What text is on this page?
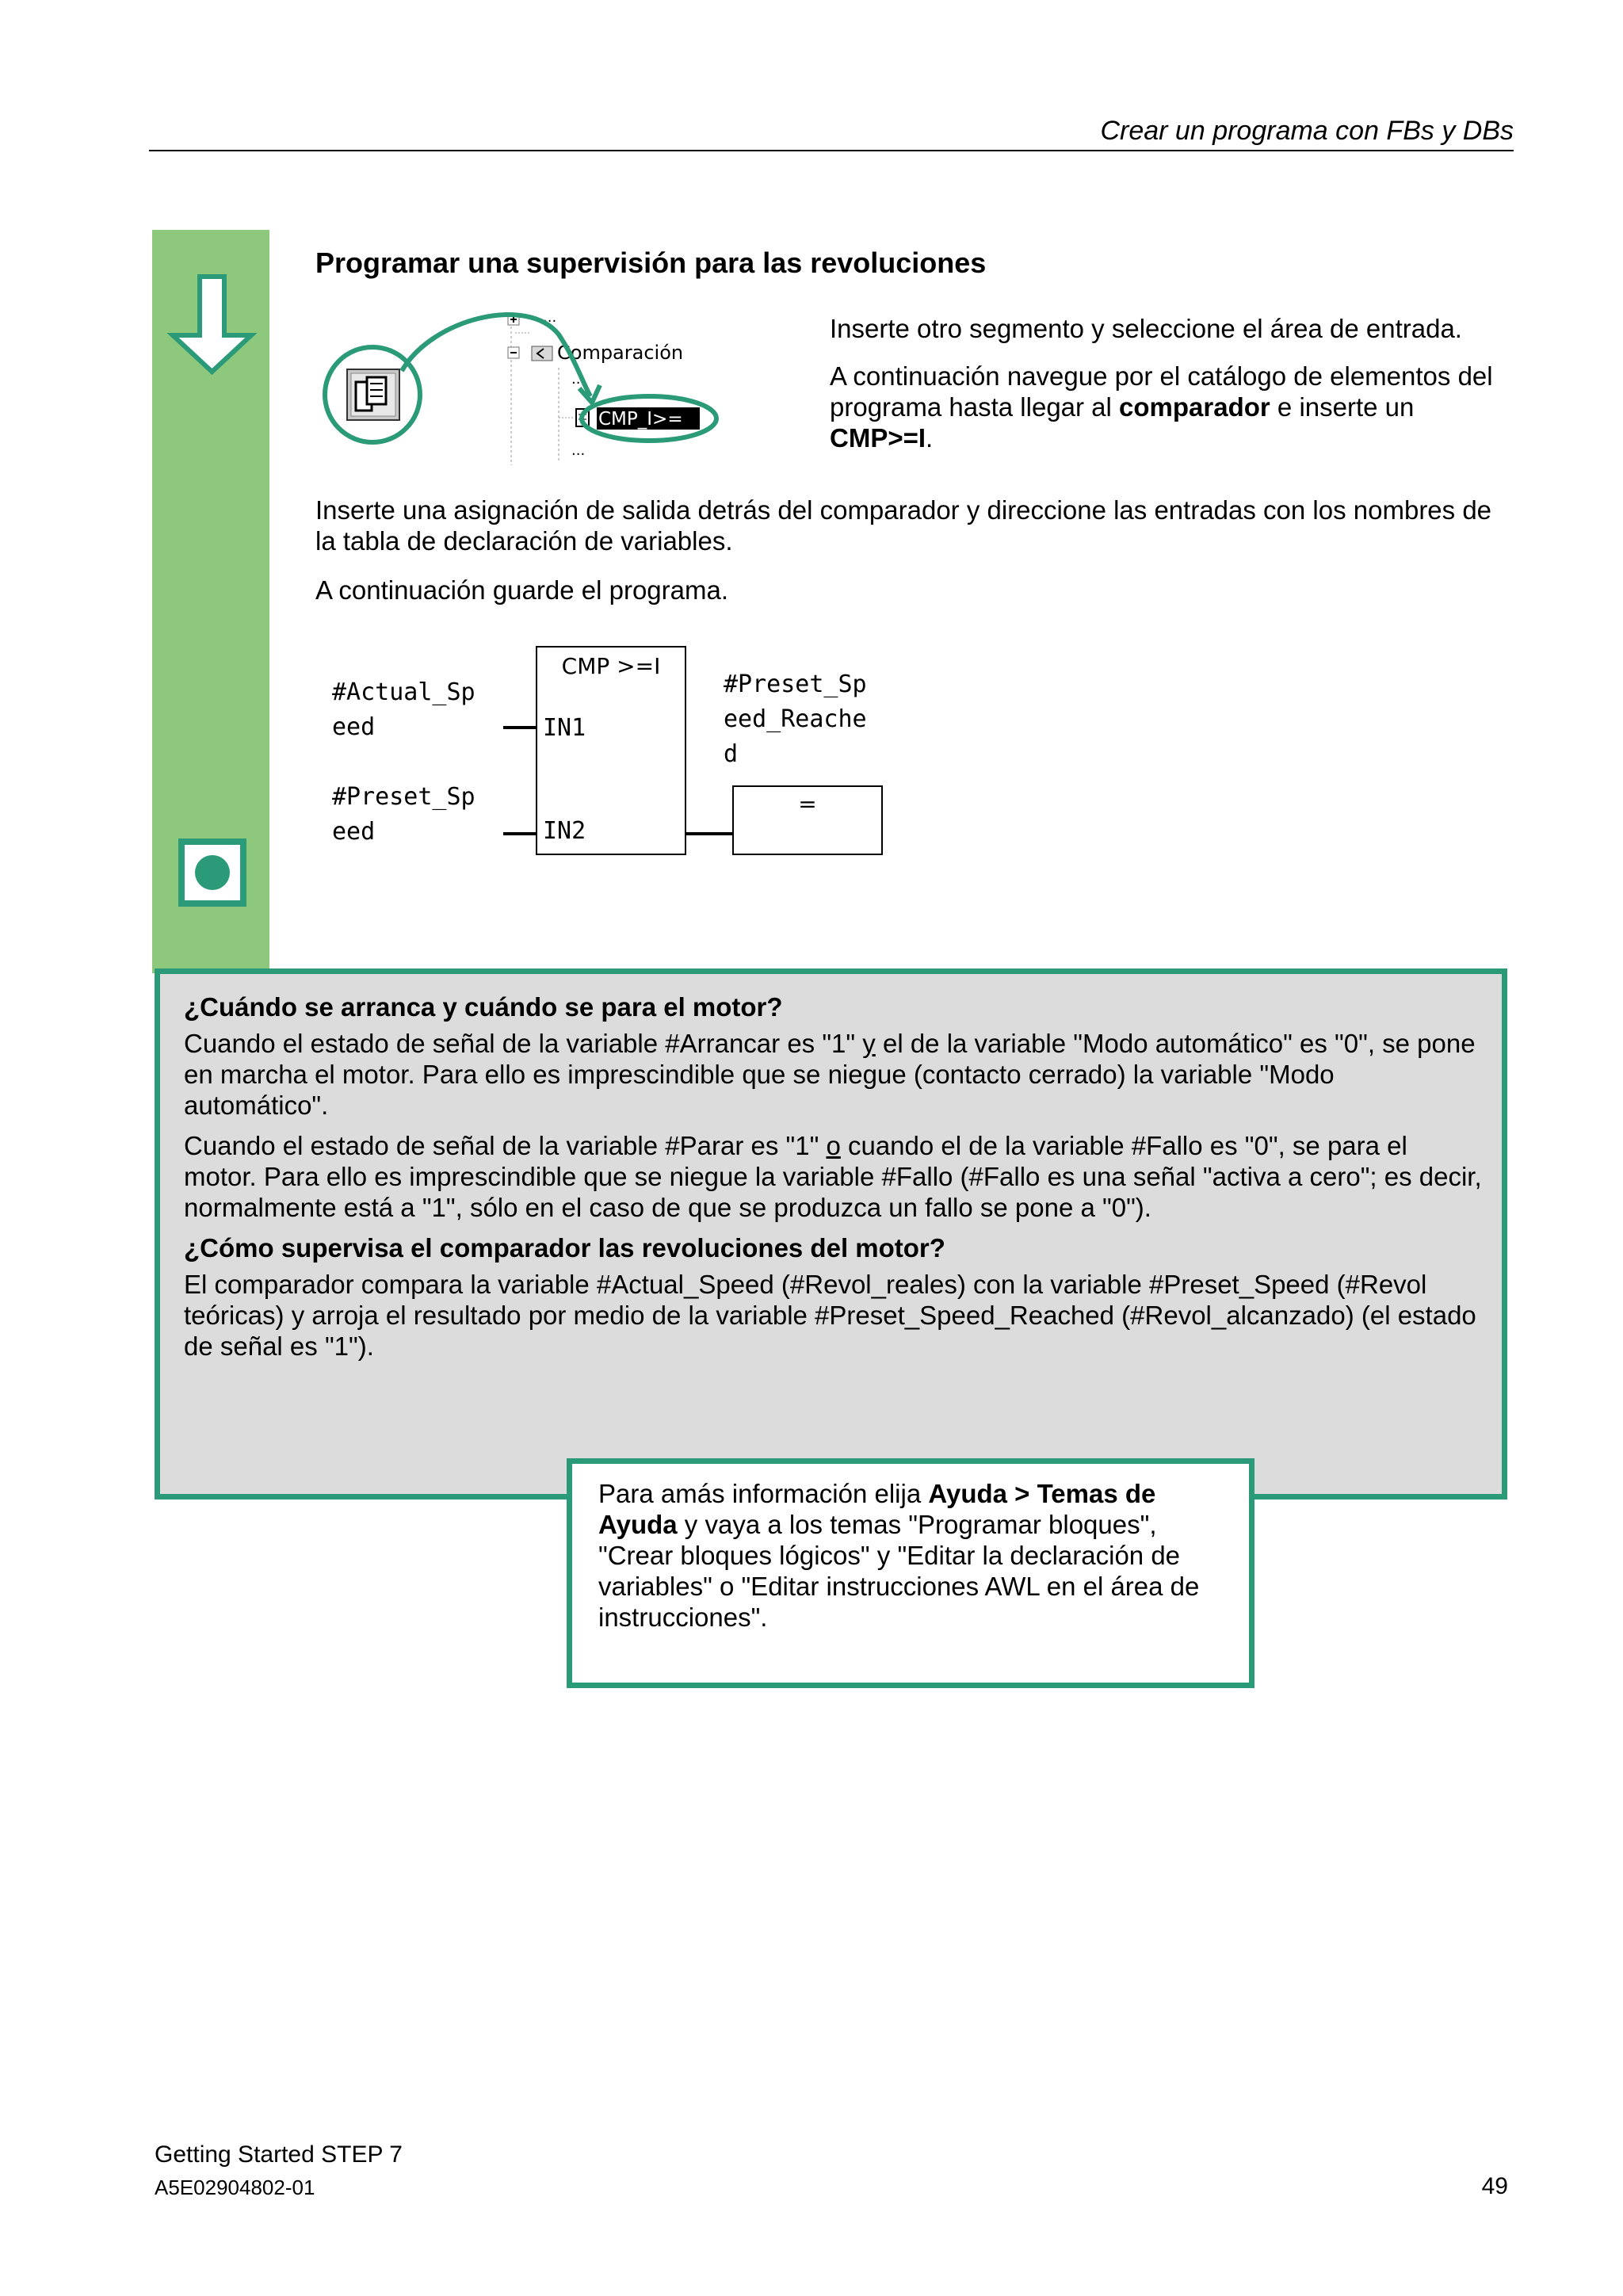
Crear un programa con FBs y DBs
Programar una supervisión para las revoluciones
...
Comparación
...
CMP_I>=
...

Inserte otro segmento y seleccione el área de entrada.

A continuación navegue por el catálogo de elementos del programa hasta llegar al comparador e inserte un CMP>=I.

Inserte una asignación de salida detrás del comparador y direccione las entradas con los nombres de la tabla de declaración de variables.

A continuación guarde el programa.

CMP >=I
IN1
IN2
#Actual_Sp
eed
#Preset_Sp
eed
#Preset_Sp
eed_Reache
d
=

¿Cuándo se arranca y cuándo se para el motor?

Cuando el estado de señal de la variable #Arrancar es "1" y el de la variable "Modo automático" es "0", se pone en marcha el motor. Para ello es imprescindible que se niegue (contacto cerrado) la variable "Modo automático".

Cuando el estado de señal de la variable #Parar es "1" o cuando el de la variable #Fallo es "0", se para el motor. Para ello es imprescindible que se niegue la variable #Fallo (#Fallo es una señal "activa a cero"; es decir, normalmente está a "1", sólo en el caso de que se produzca un fallo se pone a "0").

¿Cómo supervisa el comparador las revoluciones del motor?

El comparador compara la variable #Actual_Speed (#Revol_reales) con la variable #Preset_Speed (#Revol teóricas) y arroja el resultado por medio de la variable #Preset_Speed_Reached (#Revol_alcanzado) (el estado de señal es "1").

Para amás información elija Ayuda > Temas de Ayuda y vaya a los temas "Programar bloques", "Crear bloques lógicos" y "Editar la declaración de variables" o "Editar instrucciones AWL en el área de instrucciones".
Getting Started STEP 7
A5E02904802-01	49
